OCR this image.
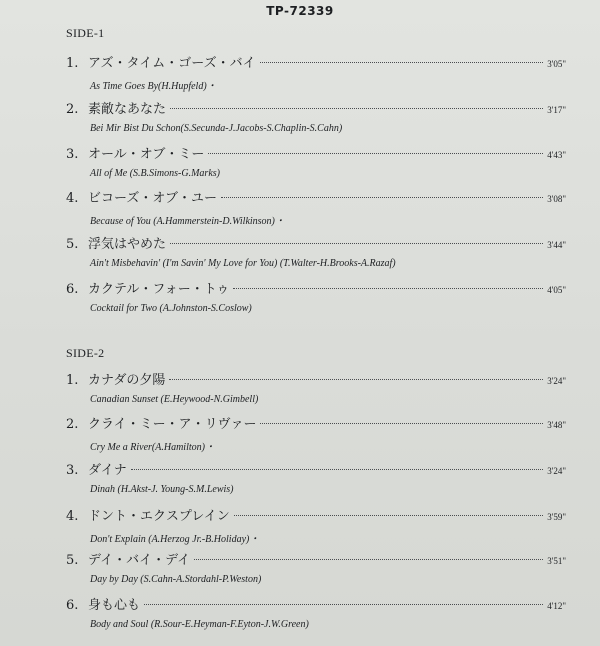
TP-72339
SIDE-1
1. アズ・タイム・ゴーズ・バイ	3'05"
As Time Goes By(H.Hupfeld)・
2. 素敵なあなた	3'17"
Bei Mir Bist Du Schon(S.Secunda-J.Jacobs-S.Chaplin-S.Cahn)
3. オール・オブ・ミー	4'43"
All of Me (S.B.Simons-G.Marks)
4. ビコーズ・オブ・ユー	3'08"
Because of You (A.Hammerstein-D.Wilkinson)・
5. 浮気はやめた	3'44"
Ain't Misbehavin' (I'm Savin' My Love for You) (T.Walter-H.Brooks-A.Razaf)
6. カクテル・フォー・トゥ	4'05"
Cocktail for Two (A.Johnston-S.Coslow)
SIDE-2
1. カナダの夕陽	3'24"
Canadian Sunset (E.Heywood-N.Gimbell)
2. クライ・ミー・ア・リヴァー	3'48"
Cry Me a River(A.Hamilton)・
3. ダイナ	3'24"
Dinah (H.Akst-J. Young-S.M.Lewis)
4. ドント・エクスプレイン	3'59"
Don't Explain (A.Herzog Jr.-B.Holiday)・
5. デイ・バイ・デイ	3'51"
Day by Day (S.Cahn-A.Stordahl-P.Weston)
6. 身も心も	4'12"
Body and Soul (R.Sour-E.Heyman-F.Eyton-J.W.Green)
